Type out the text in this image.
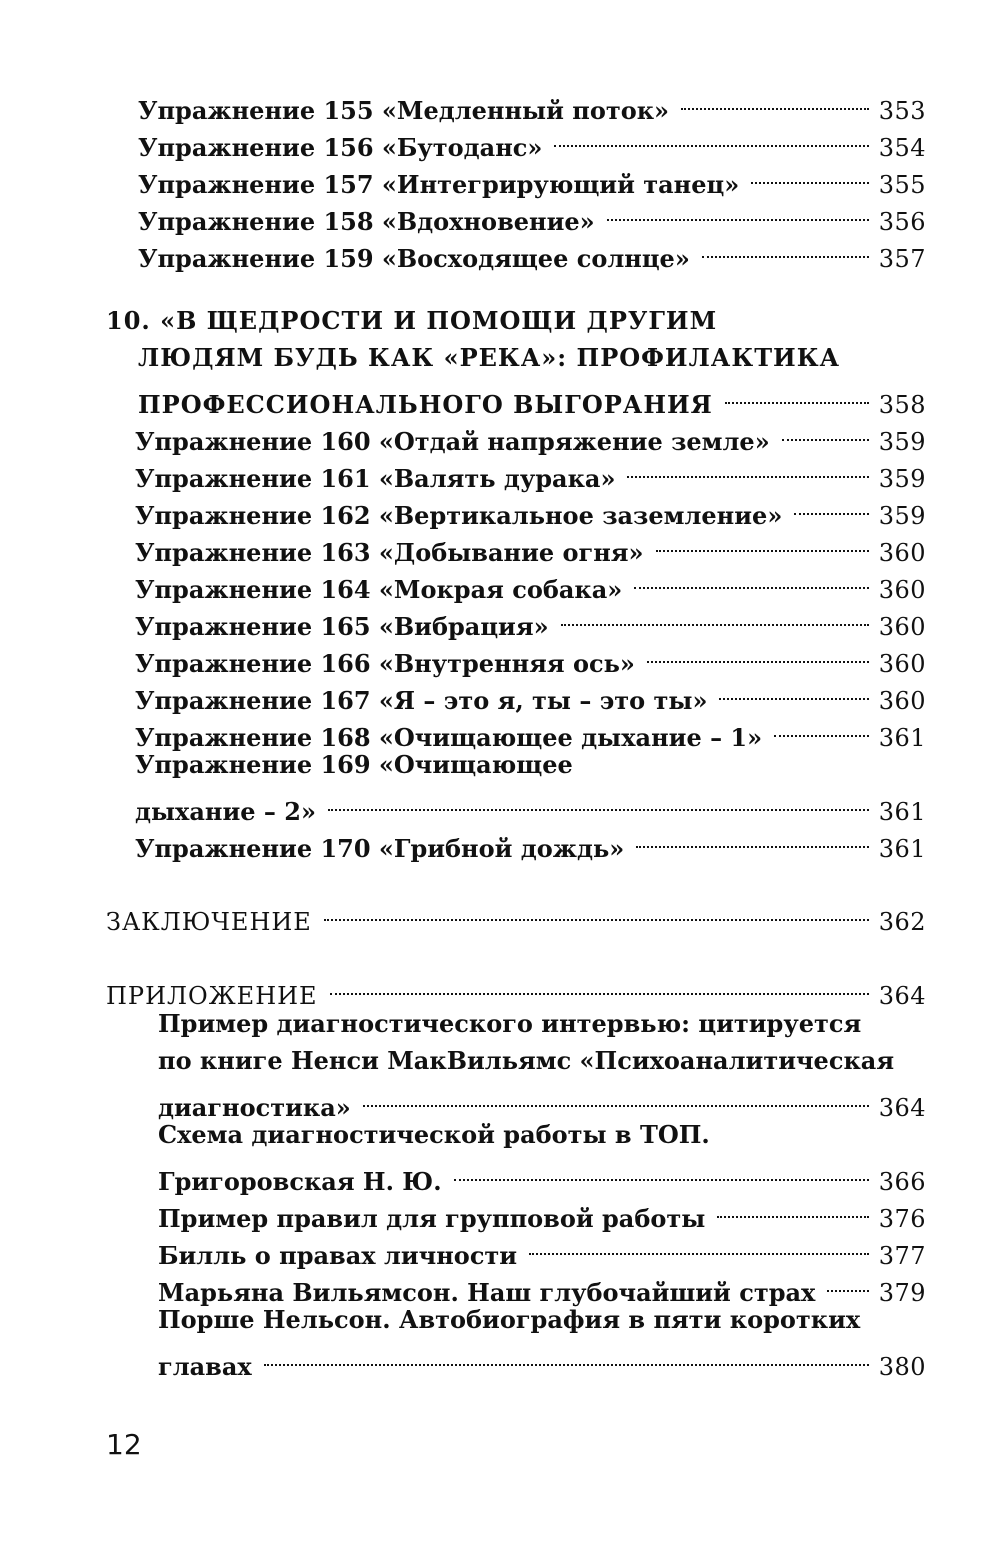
Упражнение 155 «Медленный поток»	353
Упражнение 156 «Бутоданс»	354
Упражнение 157 «Интегрирующий танец»	355
Упражнение 158 «Вдохновение»	356
Упражнение 159 «Восходящее солнце»	357
10. «В ЩЕДРОСТИ И ПОМОЩИ ДРУГИМ
ЛЮДЯМ БУДЬ КАК «РЕКА»: ПРОФИЛАКТИКА
ПРОФЕССИОНАЛЬНОГО ВЫГОРАНИЯ	358
Упражнение 160 «Отдай напряжение земле»	359
Упражнение 161 «Валять дурака»	359
Упражнение 162 «Вертикальное заземление»	359
Упражнение 163 «Добывание огня»	360
Упражнение 164 «Мокрая собака»	360
Упражнение 165 «Вибрация»	360
Упражнение 166 «Внутренняя ось»	360
Упражнение 167 «Я – это я, ты – это ты»	360
Упражнение 168 «Очищающее дыхание – 1»	361
Упражнение 169 «Очищающее
дыхание – 2»	361
Упражнение 170 «Грибной дождь»	361
ЗАКЛЮЧЕНИЕ	362
ПРИЛОЖЕНИЕ	364
Пример диагностического интервью: цитируется
по книге Ненси МакВильямс «Психоаналитическая
диагностика»	364
Схема диагностической работы в ТОП.
Григоровская Н. Ю.	366
Пример правил для групповой работы	376
Билль о правах личности	377
Марьяна Вильямсон. Наш глубочайший страх	379
Порше Нельсон. Автобиография в пяти коротких
главах	380
12
